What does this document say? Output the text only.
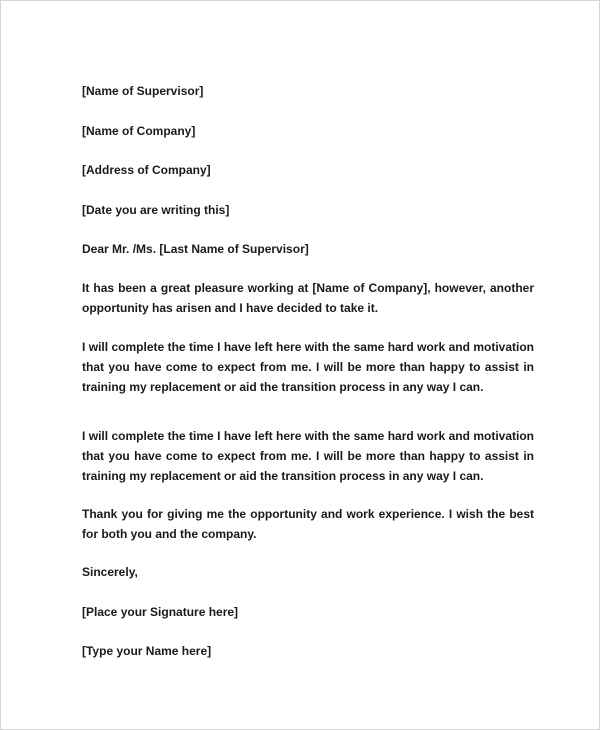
[Name of Supervisor]
[Name of Company]
[Address of Company]
[Date you are writing this]
Dear Mr. /Ms. [Last Name of Supervisor]
It has been a great pleasure working at [Name of Company], however, another opportunity has arisen and I have decided to take it.
I will complete the time I have left here with the same hard work and motivation that you have come to expect from me. I will be more than happy to assist in training my replacement or aid the transition process in any way I can.
I will complete the time I have left here with the same hard work and motivation that you have come to expect from me. I will be more than happy to assist in training my replacement or aid the transition process in any way I can.
Thank you for giving me the opportunity and work experience. I wish the best for both you and the company.
Sincerely,
[Place your Signature here]
[Type your Name here]
